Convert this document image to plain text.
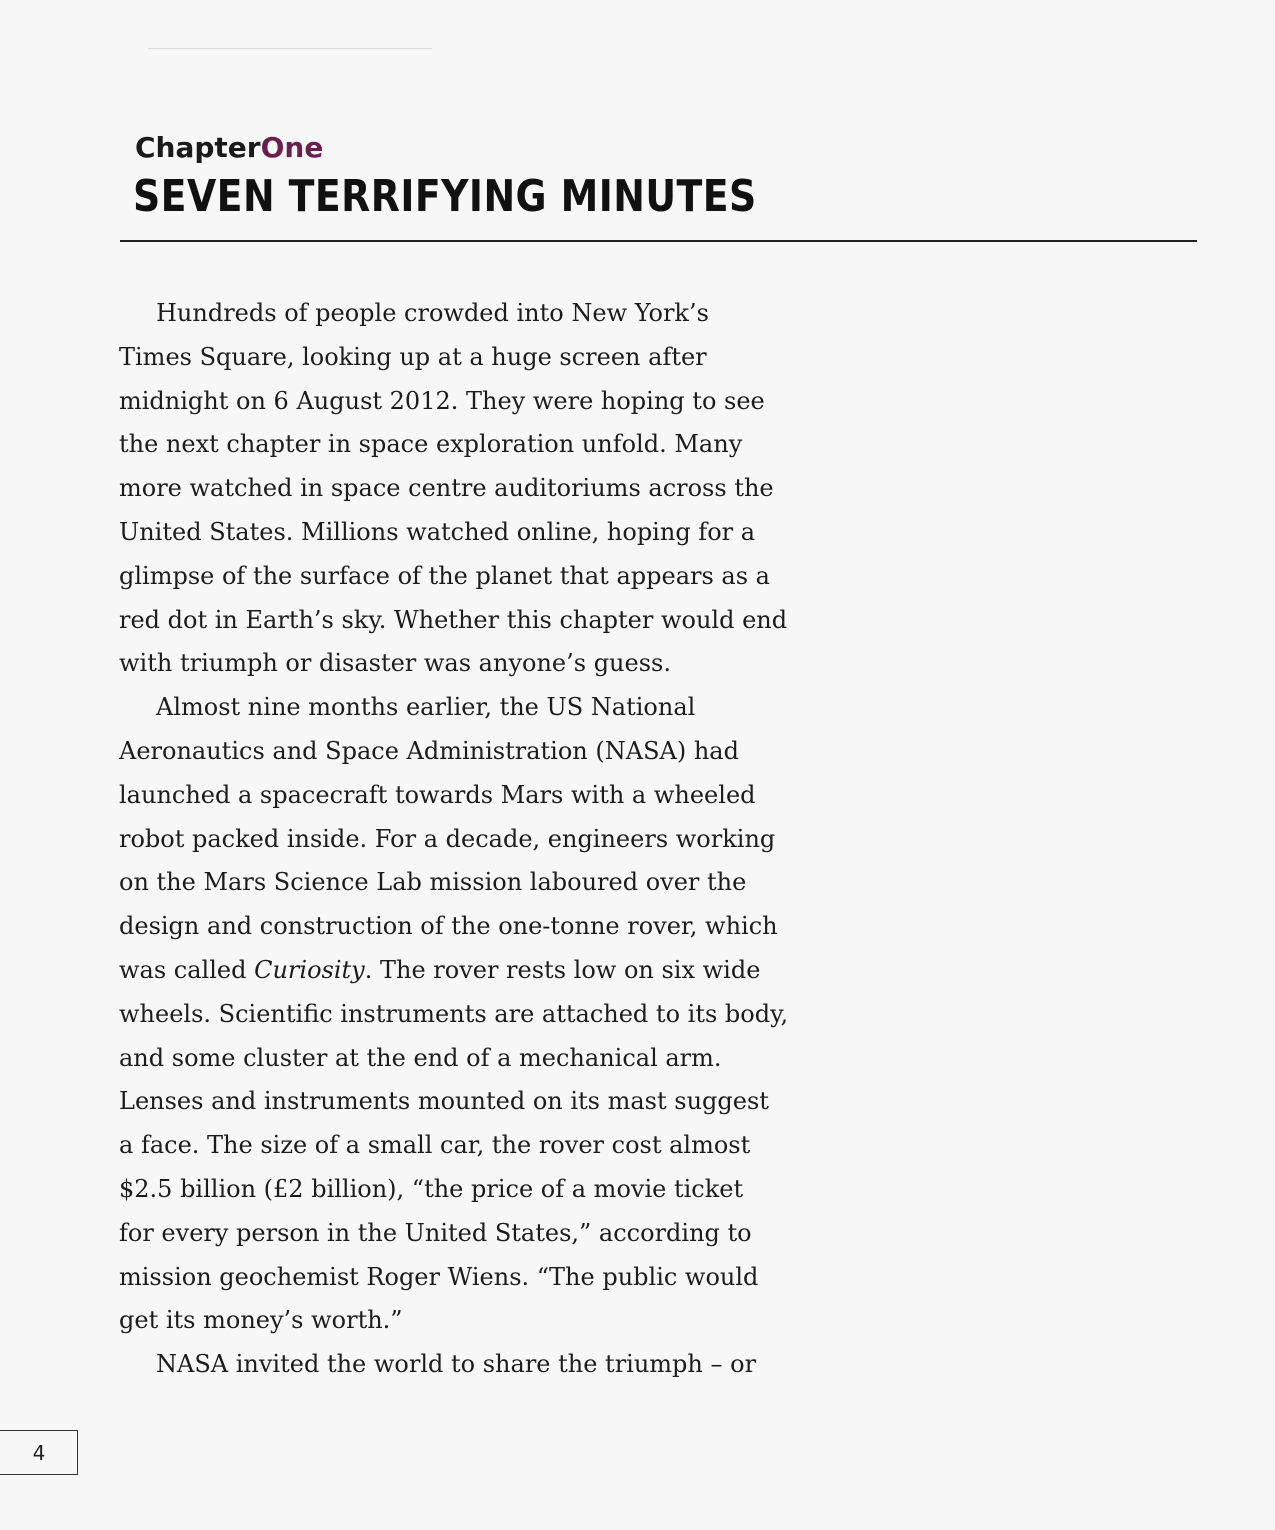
ChapterOne
SEVEN TERRIFYING MINUTES
Hundreds of people crowded into New York’s
Times Square, looking up at a huge screen after
midnight on 6 August 2012. They were hoping to see
the next chapter in space exploration unfold. Many
more watched in space centre auditoriums across the
United States. Millions watched online, hoping for a
glimpse of the surface of the planet that appears as a
red dot in Earth’s sky. Whether this chapter would end
with triumph or disaster was anyone’s guess.
Almost nine months earlier, the US National
Aeronautics and Space Administration (NASA) had
launched a spacecraft towards Mars with a wheeled
robot packed inside. For a decade, engineers working
on the Mars Science Lab mission laboured over the
design and construction of the one-tonne rover, which
was called Curiosity. The rover rests low on six wide
wheels. Scientific instruments are attached to its body,
and some cluster at the end of a mechanical arm.
Lenses and instruments mounted on its mast suggest
a face. The size of a small car, the rover cost almost
$2.5 billion (£2 billion), “the price of a movie ticket
for every person in the United States,” according to
mission geochemist Roger Wiens. “The public would
get its money’s worth.”
NASA invited the world to share the triumph – or
4
